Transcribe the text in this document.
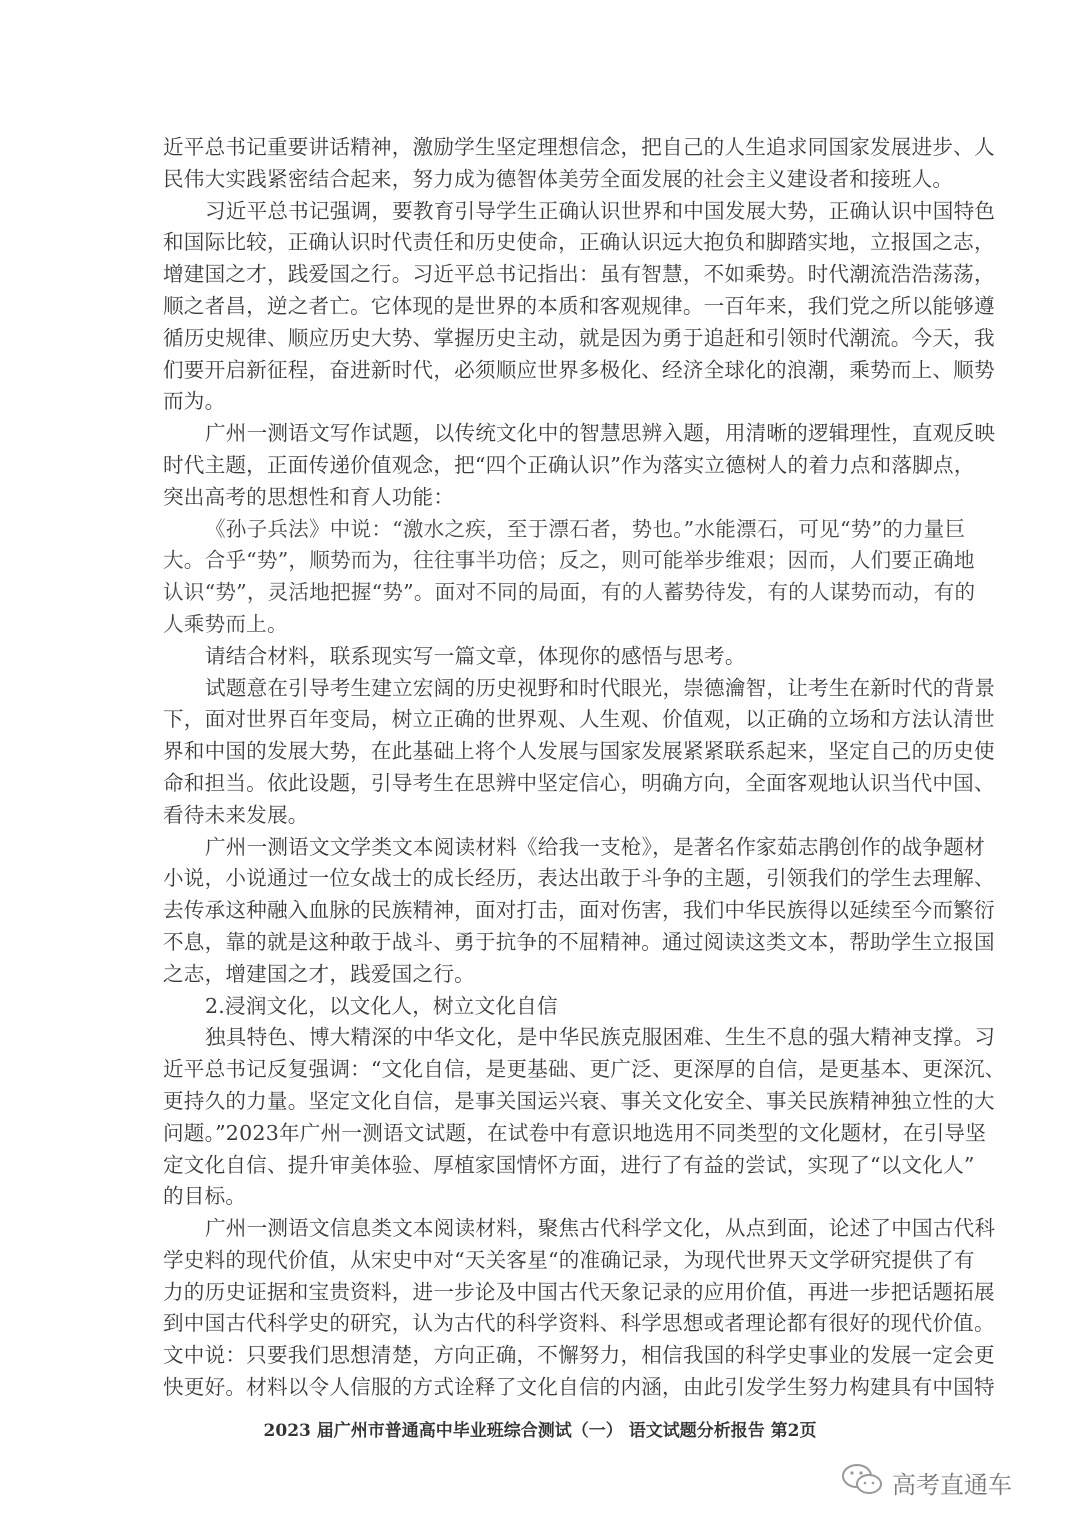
近平总书记重要讲话精神，激励学生坚定理想信念，把自己的人生追求同国家发展进步、人
民伟大实践紧密结合起来，努力成为德智体美劳全面发展的社会主义建设者和接班人。
习近平总书记强调，要教育引导学生正确认识世界和中国发展大势，正确认识中国特色
和国际比较，正确认识时代责任和历史使命，正确认识远大抱负和脚踏实地，立报国之志，
增建国之才，践爱国之行。习近平总书记指出：虽有智慧，不如乘势。时代潮流浩浩荡荡，
顺之者昌，逆之者亡。它体现的是世界的本质和客观规律。一百年来，我们党之所以能够遵
循历史规律、顺应历史大势、掌握历史主动，就是因为勇于追赶和引领时代潮流。今天，我
们要开启新征程，奋进新时代，必须顺应世界多极化、经济全球化的浪潮，乘势而上、顺势
而为。
广州一测语文写作试题，以传统文化中的智慧思辨入题，用清晰的逻辑理性，直观反映
时代主题，正面传递价值观念，把“四个正确认识”作为落实立德树人的着力点和落脚点，
突出高考的思想性和育人功能：
《孙子兵法》中说：“激水之疾，至于漂石者，势也。”水能漂石，可见“势”的力量巨
大。合乎“势”，顺势而为，往往事半功倍；反之，则可能举步维艰；因而，人们要正确地
认识“势”，灵活地把握“势”。面对不同的局面，有的人蓄势待发，有的人谋势而动，有的
人乘势而上。
请结合材料，联系现实写一篇文章，体现你的感悟与思考。
试题意在引导考生建立宏阔的历史视野和时代眼光，崇德瀹智，让考生在新时代的背景
下，面对世界百年变局，树立正确的世界观、人生观、价值观，以正确的立场和方法认清世
界和中国的发展大势，在此基础上将个人发展与国家发展紧紧联系起来，坚定自己的历史使
命和担当。依此设题，引导考生在思辨中坚定信心，明确方向，全面客观地认识当代中国、
看待未来发展。
广州一测语文文学类文本阅读材料《给我一支枪》，是著名作家茹志鹃创作的战争题材
小说，小说通过一位女战士的成长经历，表达出敢于斗争的主题，引领我们的学生去理解、
去传承这种融入血脉的民族精神，面对打击，面对伤害，我们中华民族得以延续至今而繁衍
不息，靠的就是这种敢于战斗、勇于抗争的不屈精神。通过阅读这类文本，帮助学生立报国
之志，增建国之才，践爱国之行。
2.浸润文化，以文化人，树立文化自信
独具特色、博大精深的中华文化，是中华民族克服困难、生生不息的强大精神支撑。习
近平总书记反复强调：“文化自信，是更基础、更广泛、更深厚的自信，是更基本、更深沉、
更持久的力量。坚定文化自信，是事关国运兴衰、事关文化安全、事关民族精神独立性的大
问题。”2023年广州一测语文试题，在试卷中有意识地选用不同类型的文化题材，在引导坚
定文化自信、提升审美体验、厚植家国情怀方面，进行了有益的尝试，实现了“以文化人”
的目标。
广州一测语文信息类文本阅读材料，聚焦古代科学文化，从点到面，论述了中国古代科
学史料的现代价值，从宋史中对“天关客星“的准确记录，为现代世界天文学研究提供了有
力的历史证据和宝贵资料，进一步论及中国古代天象记录的应用价值，再进一步把话题拓展
到中国古代科学史的研究，认为古代的科学资料、科学思想或者理论都有很好的现代价值。
文中说：只要我们思想清楚，方向正确，不懈努力，相信我国的科学史事业的发展一定会更
快更好。材料以令人信服的方式诠释了文化自信的内涵，由此引发学生努力构建具有中国特
2023 届广州市普通高中毕业班综合测试（一） 语文试题分析报告 第2页
高考直通车
